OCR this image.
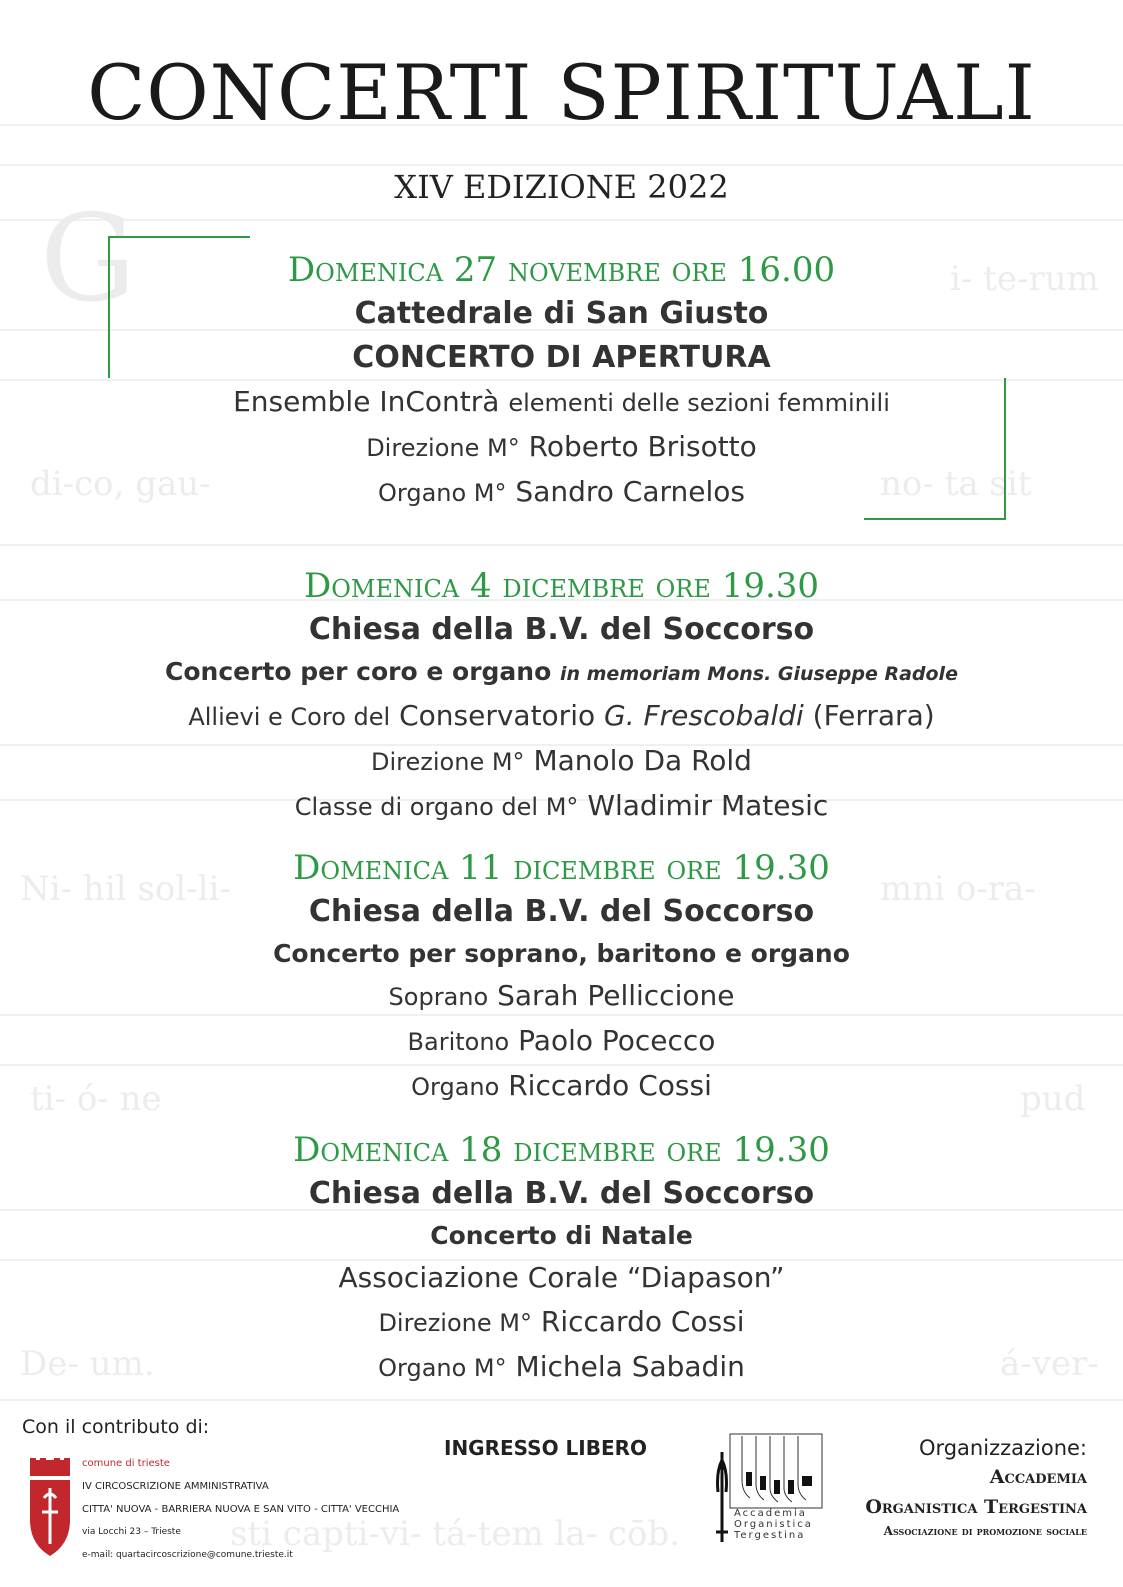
G	i- te-rum
di-co, gau-	no- ta sit
Ni- hil sol-li-	mni o-ra-
ti- ó- ne	pud
De- um.	á-ver-
sti capti-vi- tá-tem la- cōb.
CONCERTI SPIRITUALI
XIV EDIZIONE 2022
Domenica 27 novembre ore 16.00
Cattedrale di San Giusto
CONCERTO DI APERTURA
Ensemble InContrà elementi delle sezioni femminili
Direzione M° Roberto Brisotto
Organo M° Sandro Carnelos
Domenica 4 dicembre ore 19.30
Chiesa della B.V. del Soccorso
Concerto per coro e organo in memoriam Mons. Giuseppe Radole
Allievi e Coro del Conservatorio G. Frescobaldi (Ferrara)
Direzione M° Manolo Da Rold
Classe di organo del M° Wladimir Matesic
Domenica 11 dicembre ore 19.30
Chiesa della B.V. del Soccorso
Concerto per soprano, baritono e organo
Soprano Sarah Pelliccione
Baritono Paolo Pocecco
Organo Riccardo Cossi
Domenica 18 dicembre ore 19.30
Chiesa della B.V. del Soccorso
Concerto di Natale
Associazione Corale “Diapason”
Direzione M° Riccardo Cossi
Organo M° Michela Sabadin
Con il contributo di:
comune di trieste
IV CIRCOSCRIZIONE AMMINISTRATIVA
CITTA' NUOVA - BARRIERA NUOVA E SAN VITO - CITTA' VECCHIA
via Locchi 23 – Trieste
e-mail: quartacircoscrizione@comune.trieste.it
INGRESSO LIBERO
Accademia
Organistica
Tergestina
Organizzazione:
Accademia
Organistica Tergestina
Associazione di promozione sociale
